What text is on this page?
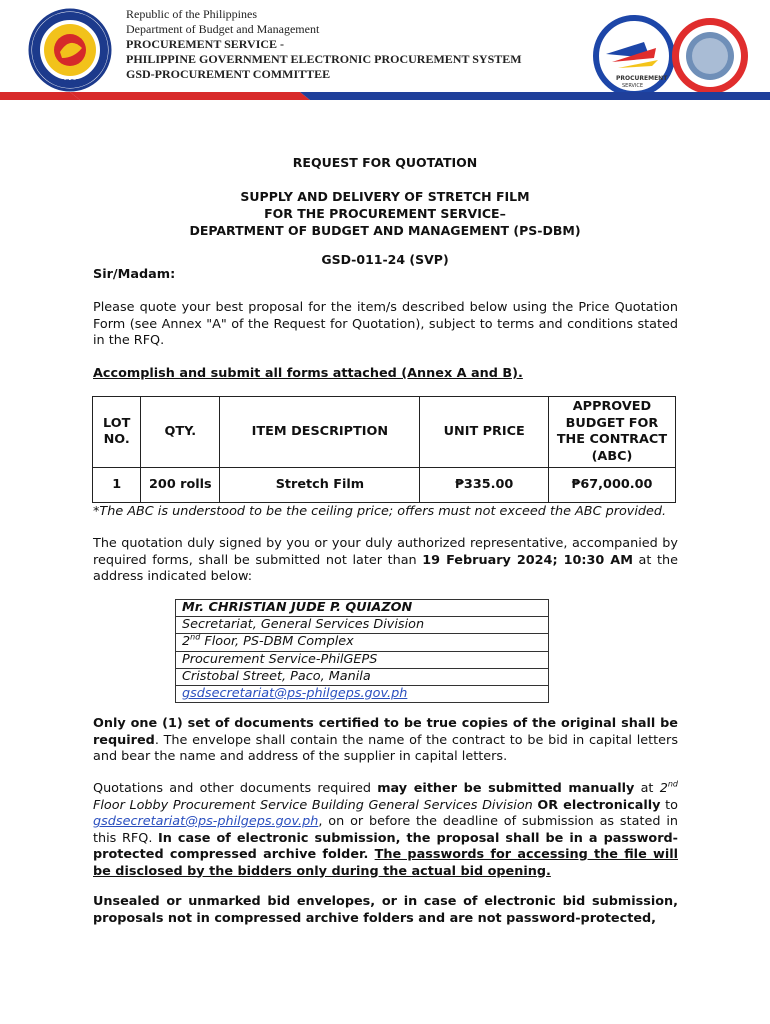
1936
Republic of the Philippines
Department of Budget and Management
PROCUREMENT SERVICE -
PHILIPPINE GOVERNMENT ELECTRONIC PROCUREMENT SYSTEM
GSD-PROCUREMENT COMMITTEE	PROCUREMENT
SERVICE
REQUEST FOR QUOTATION
SUPPLY AND DELIVERY OF STRETCH FILM
FOR THE PROCUREMENT SERVICE–
DEPARTMENT OF BUDGET AND MANAGEMENT (PS-DBM)
GSD-011-24 (SVP)
Sir/Madam:
Please quote your best proposal for the item/s described below using the Price Quotation Form (see Annex "A" of the Request for Quotation), subject to terms and conditions stated in the RFQ.
Accomplish and submit all forms attached (Annex A and B).
LOT NO.	QTY.	ITEM DESCRIPTION	UNIT PRICE	APPROVED BUDGET FOR THE CONTRACT (ABC)
1	200 rolls	Stretch Film	₱335.00	₱67,000.00
*The ABC is understood to be the ceiling price; offers must not exceed the ABC provided.
The quotation duly signed by you or your duly authorized representative, accompanied by required forms, shall be submitted not later than 19 February 2024; 10:30 AM at the address indicated below:
Mr. CHRISTIAN JUDE P. QUIAZON
Secretariat, General Services Division
2nd Floor, PS-DBM Complex
Procurement Service-PhilGEPS
Cristobal Street, Paco, Manila
gsdsecretariat@ps-philgeps.gov.ph
Only one (1) set of documents certified to be true copies of the original shall be required. The envelope shall contain the name of the contract to be bid in capital letters and bear the name and address of the supplier in capital letters.
Quotations and other documents required may either be submitted manually at 2nd Floor Lobby Procurement Service Building General Services Division OR electronically to gsdsecretariat@ps-philgeps.gov.ph, on or before the deadline of submission as stated in this RFQ. In case of electronic submission, the proposal shall be in a password-protected compressed archive folder. The passwords for accessing the file will be disclosed by the bidders only during the actual bid opening.
Unsealed or unmarked bid envelopes, or in case of electronic bid submission, proposals not in compressed archive folders and are not password-protected,
